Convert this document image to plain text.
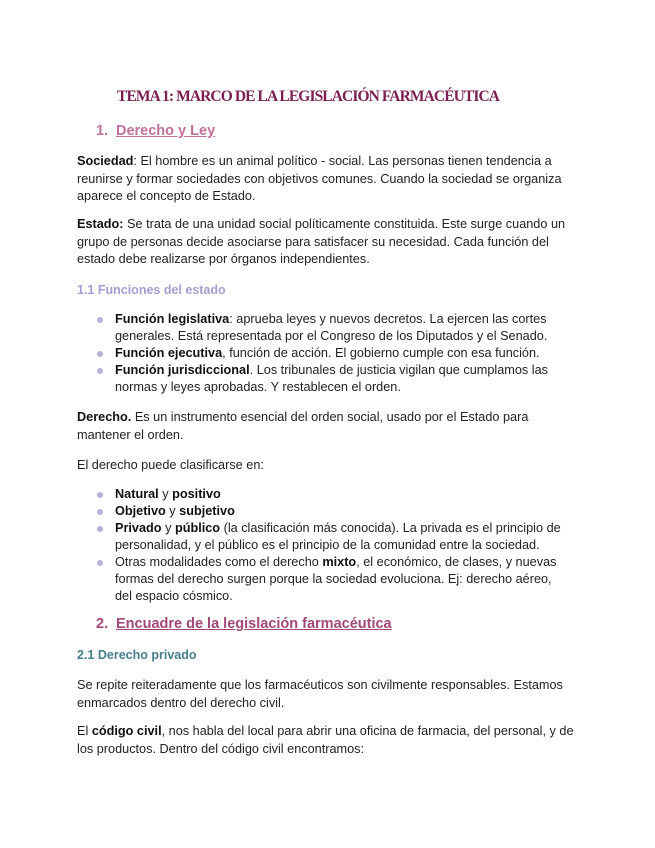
TEMA 1: MARCO DE LA LEGISLACIÓN FARMACÉUTICA
1. Derecho y Ley

Sociedad: El hombre es un animal político - social. Las personas tienen tendencia a reunirse y formar sociedades con objetivos comunes. Cuando la sociedad se organiza aparece el concepto de Estado.

Estado: Se trata de una unidad social políticamente constituida. Este surge cuando un grupo de personas decide asociarse para satisfacer su necesidad. Cada función del estado debe realizarse por órganos independientes.

1.1 Funciones del estado
Función legislativa: aprueba leyes y nuevos decretos. La ejercen las cortes generales. Está representada por el Congreso de los Diputados y el Senado.
Función ejecutiva, función de acción. El gobierno cumple con esa función.
Función jurisdiccional. Los tribunales de justicia vigilan que cumplamos las normas y leyes aprobadas. Y restablecen el orden.

Derecho. Es un instrumento esencial del orden social, usado por el Estado para mantener el orden.

El derecho puede clasificarse en:

Natural y positivo
Objetivo y subjetivo
Privado y público (la clasificación más conocida). La privada es el principio de personalidad, y el público es el principio de la comunidad entre la sociedad.
Otras modalidades como el derecho mixto, el económico, de clases, y nuevas formas del derecho surgen porque la sociedad evoluciona. Ej: derecho aéreo, del espacio cósmico.
2. Encuadre de la legislación farmacéutica
2.1 Derecho privado

Se repite reiteradamente que los farmacéuticos son civilmente responsables. Estamos enmarcados dentro del derecho civil.

El código civil, nos habla del local para abrir una oficina de farmacia, del personal, y de los productos. Dentro del código civil encontramos:
